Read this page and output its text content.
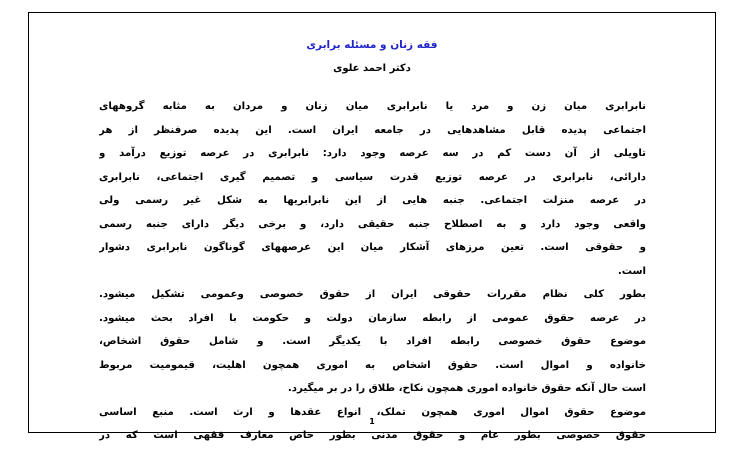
فقه زنان و مسئله برابری
دکتر احمد علوی
نابرابری میان زن و مرد یا نابرابری میان زنان و مردان به مثابه گروههای
اجتماعی پدیده قابل مشاهدهایی در جامعه ایران است. این پدیده صرفنظر از هر
تاویلی از آن دست کم در سه عرصه وجود دارد: نابرابری در عرصه توزیع درآمد و
دارائی، نابرابری در عرصه توزیع قدرت سیاسی و تصمیم گیری اجتماعی، نابرابری
در عرصه منزلت اجتماعی. جنبه هایی از این نابرابریها به شکل غیر رسمی ولی
واقعی وجود دارد و به اصطلاح جنبه حقیقی دارد، و برخی دیگر دارای جنبه رسمی
و حقوقی است. تعین مرزهای آشکار میان این عرصههای گوناگون نابرابری دشوار
است.
بطور کلی نظام مقررات حقوقی ایران از حقوق خصوصی وعمومی تشکیل میشود.
در عرصه حقوق عمومی از رابطه سازمان دولت و حکومت با افراد بحث میشود.
موضوع حقوق خصوصی رابطه افراد با یکدیگر است. و شامل حقوق اشخاص،
خانواده و اموال است. حقوق اشخاص به اموری همچون اهلیت، قیمومیت مربوط
است حال آنکه حقوق خانواده اموری همچون نکاح، طلاق را در بر میگیرد.
موضوع حقوق اموال اموری همچون تملک، انواع عقدها و ارث است. منبع اساسی
حقوق خصوصی بطور عام و حقوق مدنی بطور خاص معارف فقهی است که در
1
